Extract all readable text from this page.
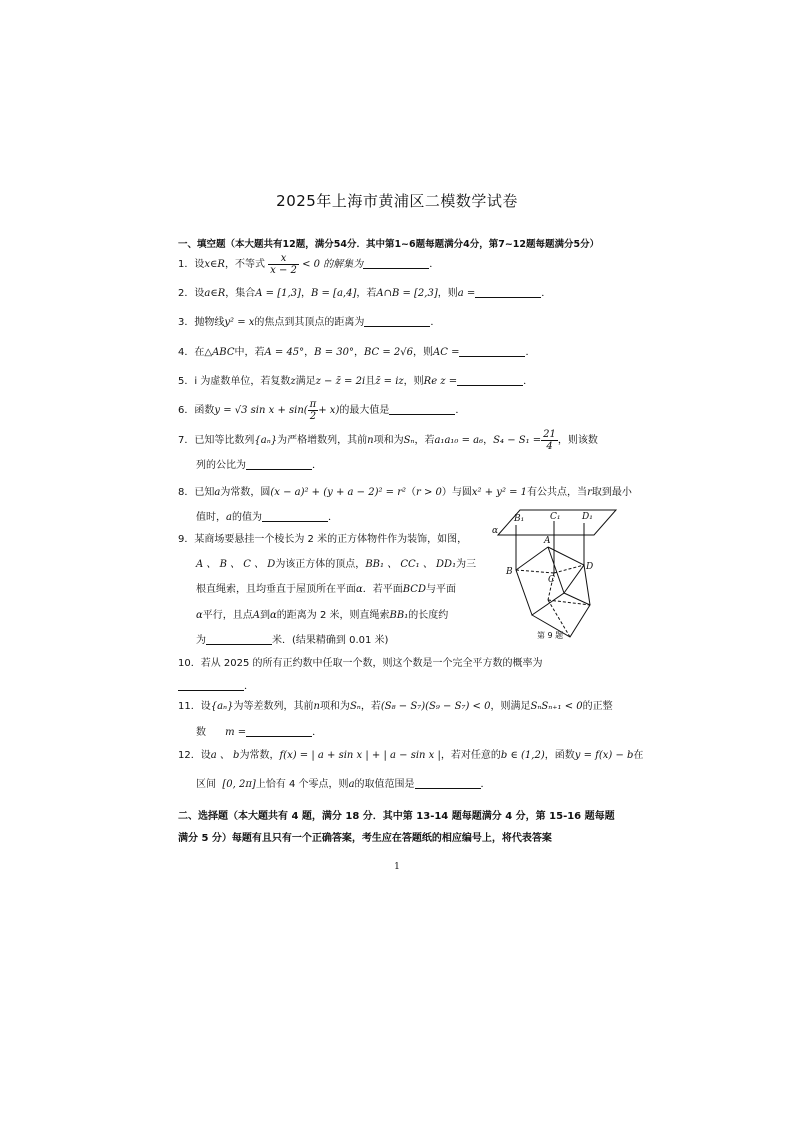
2025年上海市黄浦区二模数学试卷
一、填空题（本大题共有12题，满分54分．其中第1~6题每题满分4分，第7~12题每题满分5分）
1．设x∈R，不等式 $\frac{x}{x - 2} < 0$ 的解集为	．
2．设a∈R，集合A = [1,3]，B = [a,4]，若A∩B = [2,3]，则a =	．
3．抛物线y² = x的焦点到其顶点的距离为	．
4．在△ABC中，若A = 45°，B = 30°，BC = 2√6，则AC =	．
5．i 为虚数单位，若复数z满足z − z̄ = 2i且z̄ = iz，则Re z =	．
6．函数y = √3 $\sin x + \sin( \frac{\pi}{2} + x)$的最大值是	．
7．已知等比数列{aₙ}为严格增数列，其前n项和为Sₙ，若a₁a₁₀ = a₆，$S_4 - S_1 = \frac{21}{4}$ ，则该数
列的公比为	．
8．已知a为常数，圆(x − a)² + (y + a − 2)² = r²（r > 0）与圆x² + y² = 1有公共点，当r取到最小
值时，a的值为	．
9．某商场要悬挂一个棱长为 2 米的正方体物件作为装饰，如图，
A 、 B 、 C 、 D为该正方体的顶点，BB₁ 、 CC₁ 、 DD₁为三
根直绳索，且均垂直于屋顶所在平面α．若平面BCD与平面
α平行，且点A到α的距离为 2 米，则直绳索BB₁的长度约
为	米．(结果精确到 0.01 米)
B₁	C₁ D₁
α
A
B
C
D
第 9 题
10．若从 2025 的所有正约数中任取一个数，则这个数是一个完全平方数的概率为
．
11．设{aₙ}为等差数列，其前n项和为Sₙ，若(S₈ − S₇)(S₉ − S₇) < 0，则满足SₙSₙ₊₁ < 0的正整
数 m =	．
12．设a 、 b为常数，f(x) = | a + sin x | + | a − sin x |，若对任意的b ∈ (1,2)，函数y = f(x) − b在
区间 [0, 2π]上恰有 4 个零点，则a的取值范围是	．
二、选择题（本大题共有 4 题，满分 18 分．其中第 13-14 题每题满分 4 分，第 15-16 题每题满分 5 分）每题有且只有一个正确答案，考生应在答题纸的相应编号上，将代表答案
1
